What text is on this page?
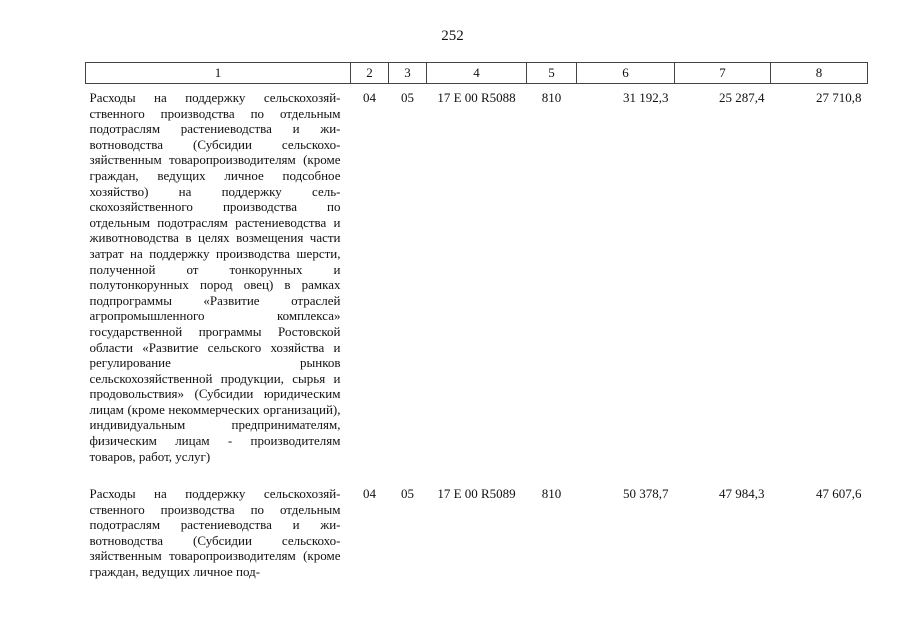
252
1	2	3	4	5	6	7	8
Расходы на поддержку сельскохозяйственного производства по отдельным подотраслям растениеводства и животноводства (Субсидии сельскохозяйственным товаропроизводителям (кроме граждан, ведущих личное подсобное хозяйство) на поддержку сельскохозяйственного производства по отдельным подотраслям растениеводства и животноводства в целях возмещения части затрат на поддержку производства шерсти, полученной от тонкорунных и полутонкорунных пород овец) в рамках подпрограммы «Развитие отраслей агропромышленного комплекса» государственной программы Ростовской области «Развитие сельского хозяйства и регулирование рынков сельскохозяйственной продукции, сырья и продовольствия» (Субсидии юридическим лицам (кроме некоммерческих организаций), индивидуальным предпринимателям, физическим лицам - производителям товаров, работ, услуг)	04	05	17 Е 00 R5088	810	31 192,3	25 287,4	27 710,8
Расходы на поддержку сельскохозяйственного производства по отдельным подотраслям растениеводства и животноводства (Субсидии сельскохозяйственным товаропроизводителям (кроме граждан, ведущих личное под-	04	05	17 Е 00 R5089	810	50 378,7	47 984,3	47 607,6
